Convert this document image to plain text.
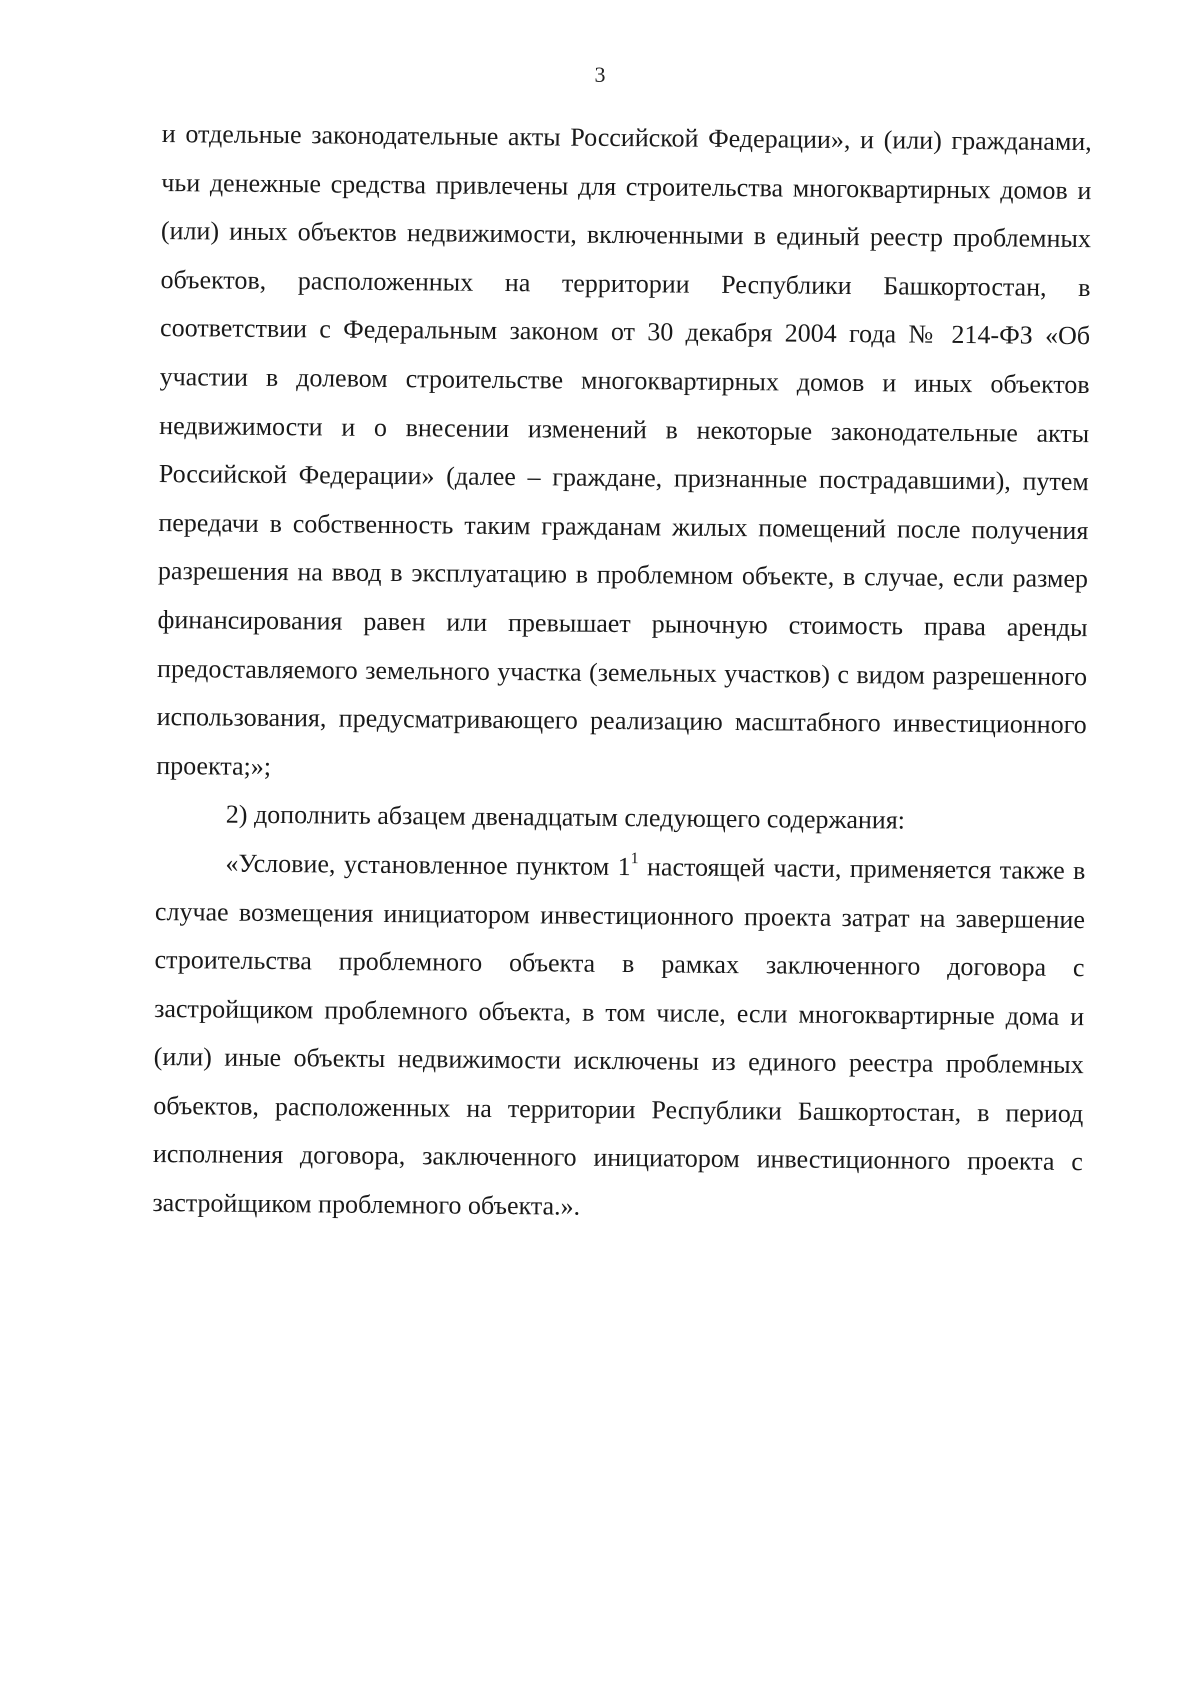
3

и отдельные законодательные акты Российской Федерации», и (или) гражданами, чьи денежные средства привлечены для строительства многоквартирных домов и (или) иных объектов недвижимости, включенными в единый реестр проблемных объектов, расположенных на территории Республики Башкортостан, в соответствии с Федеральным законом от 30 декабря 2004 года № 214-ФЗ «Об участии в долевом строительстве многоквартирных домов и иных объектов недвижимости и о внесении изменений в некоторые законодательные акты Российской Федерации» (далее – граждане, признанные пострадавшими), путем передачи в собственность таким гражданам жилых помещений после получения разрешения на ввод в эксплуатацию в проблемном объекте, в случае, если размер финансирования равен или превышает рыночную стоимость права аренды предоставляемого земельного участка (земельных участков) с видом разрешенного использования, предусматривающего реализацию масштабного инвестиционного проекта;»;

2) дополнить абзацем двенадцатым следующего содержания:

«Условие, установленное пунктом $1^1$ настоящей части, применяется также в случае возмещения инициатором инвестиционного проекта затрат на завершение строительства проблемного объекта в рамках заключенного договора с застройщиком проблемного объекта, в том числе, если многоквартирные дома и (или) иные объекты недвижимости исключены из единого реестра проблемных объектов, расположенных на территории Республики Башкортостан, в период исполнения договора, заключенного инициатором инвестиционного проекта с застройщиком проблемного объекта.».
